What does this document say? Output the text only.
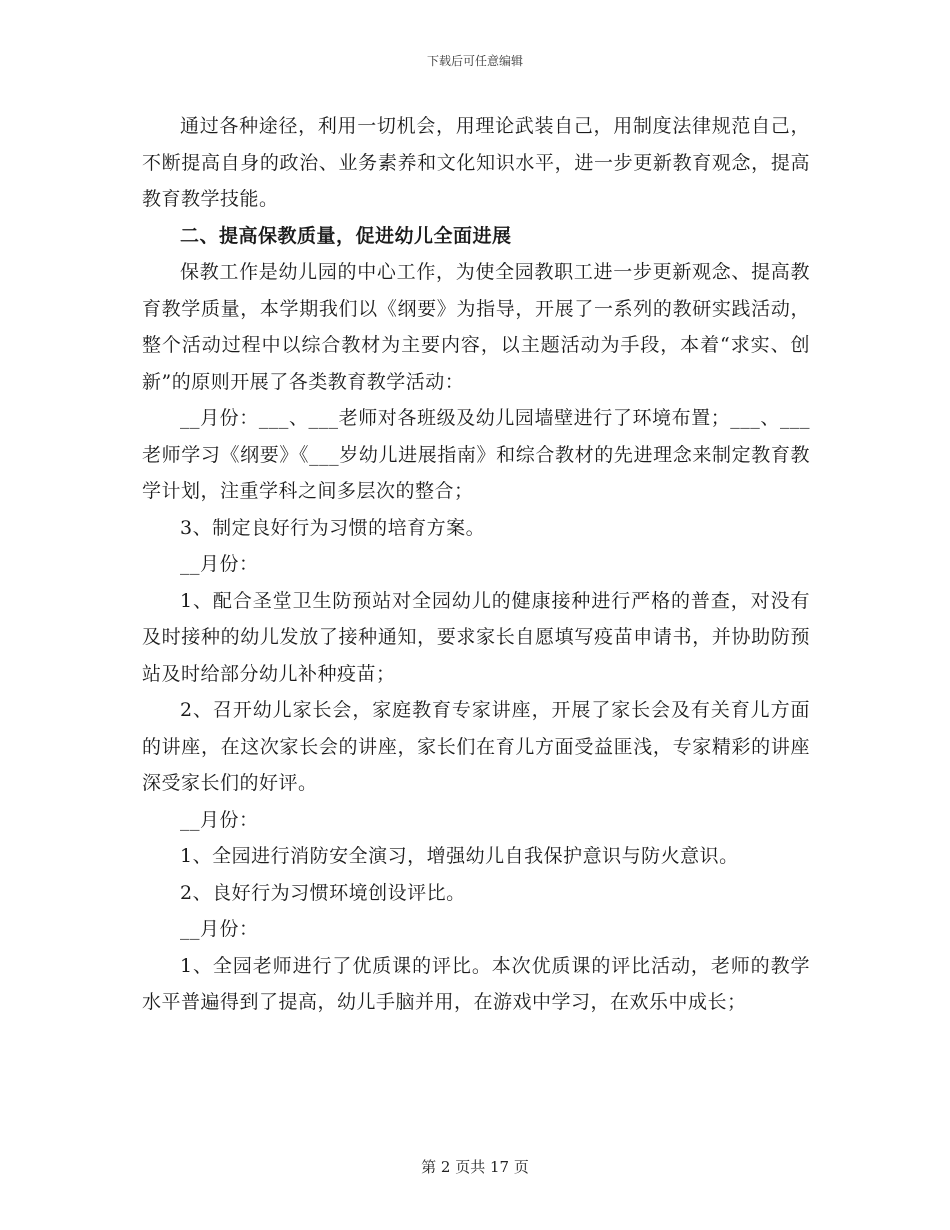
下载后可任意编辑

通过各种途径，利用一切机会，用理论武装自己，用制度法律规范自己，不断提高自身的政治、业务素养和文化知识水平，进一步更新教育观念，提高教育教学技能。

二、提高保教质量，促进幼儿全面进展

保教工作是幼儿园的中心工作，为使全园教职工进一步更新观念、提高教育教学质量，本学期我们以《纲要》为指导，开展了一系列的教研实践活动，整个活动过程中以综合教材为主要内容，以主题活动为手段，本着“求实、创新”的原则开展了各类教育教学活动：

__月份：___、___老师对各班级及幼儿园墙壁进行了环境布置；___、___老师学习《纲要》《___岁幼儿进展指南》和综合教材的先进理念来制定教育教学计划，注重学科之间多层次的整合；

3、制定良好行为习惯的培育方案。

__月份：

1、配合圣堂卫生防预站对全园幼儿的健康接种进行严格的普查，对没有及时接种的幼儿发放了接种通知，要求家长自愿填写疫苗申请书，并协助防预站及时给部分幼儿补种疫苗；

2、召开幼儿家长会，家庭教育专家讲座，开展了家长会及有关育儿方面的讲座，在这次家长会的讲座，家长们在育儿方面受益匪浅，专家精彩的讲座深受家长们的好评。

__月份：

1、全园进行消防安全演习，增强幼儿自我保护意识与防火意识。

2、良好行为习惯环境创设评比。

__月份：

1、全园老师进行了优质课的评比。本次优质课的评比活动，老师的教学水平普遍得到了提高，幼儿手脑并用，在游戏中学习，在欢乐中成长；

第 2 页共 17 页
